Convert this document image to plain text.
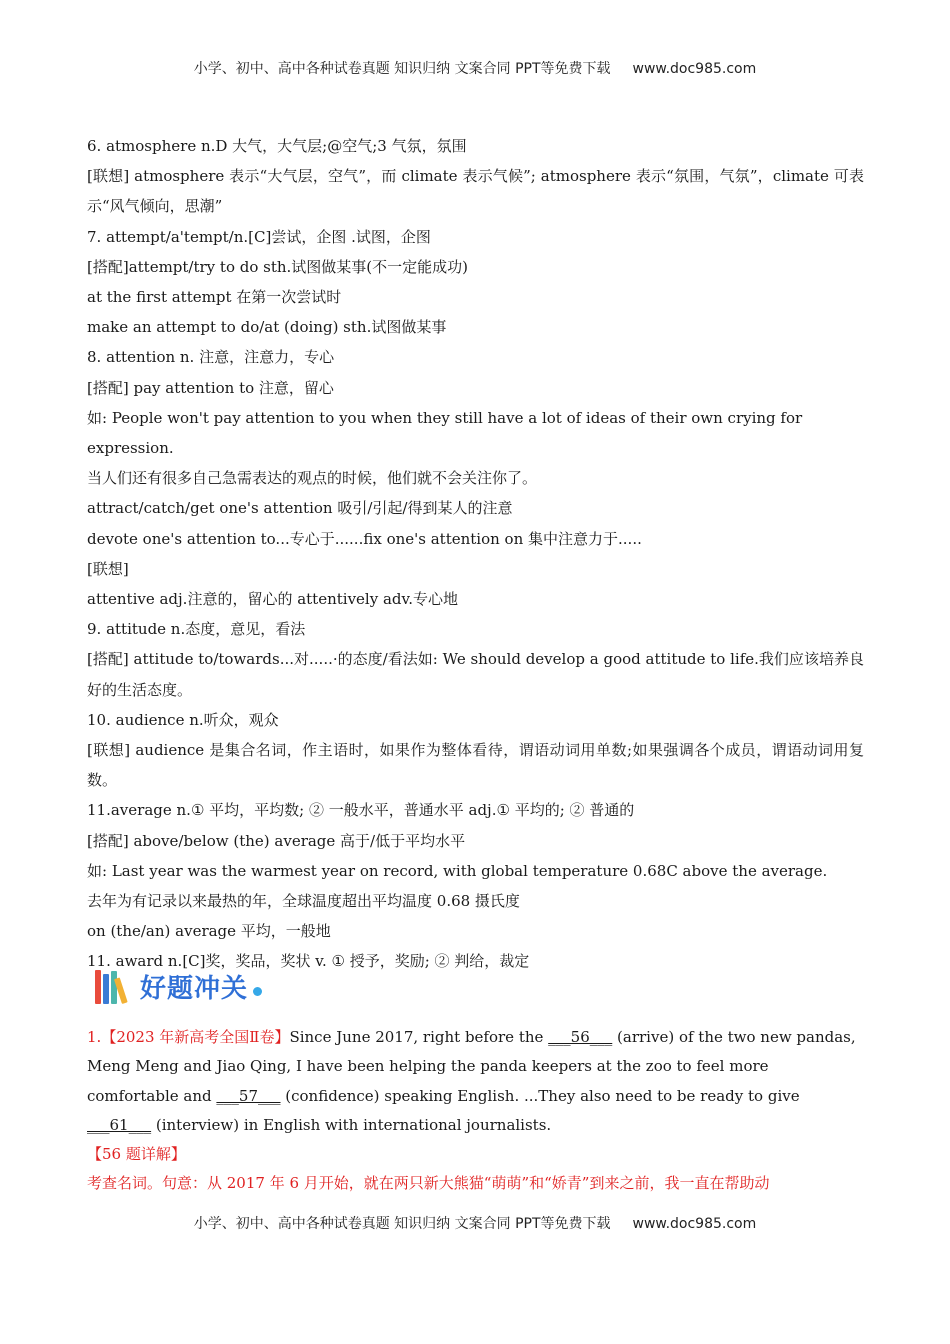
小学、初中、高中各种试卷真题 知识归纳 文案合同 PPT等免费下载 www.doc985.com

6. atmosphere n.D 大气，大气层;@空气;3 气氛，氛围

[联想] atmosphere 表示“大气层，空气”，而 climate 表示气候”; atmosphere 表示“氛围，气氛”，climate 可表示“风气倾向，思潮”

7. attempt/a'tempt/n.[C]尝试，企图 .试图，企图

[搭配]attempt/try to do sth.试图做某事(不一定能成功)

at the first attempt 在第一次尝试时

make an attempt to do/at (doing) sth.试图做某事

8. attention n. 注意，注意力，专心

[搭配] pay attention to 注意，留心

如: People won't pay attention to you when they still have a lot of ideas of their own crying for expression.

当人们还有很多自己急需表达的观点的时候，他们就不会关注你了。

attract/catch/get one's attention 吸引/引起/得到某人的注意

devote one's attention to...专心于......fix one's attention on 集中注意力于.....

[联想]

attentive adj.注意的，留心的 attentively adv.专心地

9. attitude n.态度，意见，看法

[搭配] attitude to/towards...对.....·的态度/看法如: We should develop a good attitude to life.我们应该培养良好的生活态度。

10. audience n.听众，观众

[联想] audience 是集合名词，作主语时，如果作为整体看待，谓语动词用单数;如果强调各个成员，谓语动词用复数。

11.average n.① 平均，平均数; ② 一般水平，普通水平 adj.① 平均的; ② 普通的

[搭配] above/below (the) average 高于/低于平均水平

如: Last year was the warmest year on record, with global temperature 0.68C above the average.

去年为有记录以来最热的年，全球温度超出平均温度 0.68 摄氏度

on (the/an) average 平均，一般地

11. award n.[C]奖，奖品，奖状 v. ① 授予，奖励; ② 判给，裁定

好题冲关

1.【2023 年新高考全国Ⅱ卷】Since June 2017, right before the ___56___ (arrive) of the two new pandas, Meng Meng and Jiao Qing, I have been helping the panda keepers at the zoo to feel more comfortable and ___57___ (confidence) speaking English. ...They also need to be ready to give ___61___ (interview) in English with international journalists.

【56 题详解】

考查名词。句意：从 2017 年 6 月开始，就在两只新大熊猫“萌萌”和“娇青”到来之前，我一直在帮助动

小学、初中、高中各种试卷真题 知识归纳 文案合同 PPT等免费下载 www.doc985.com
